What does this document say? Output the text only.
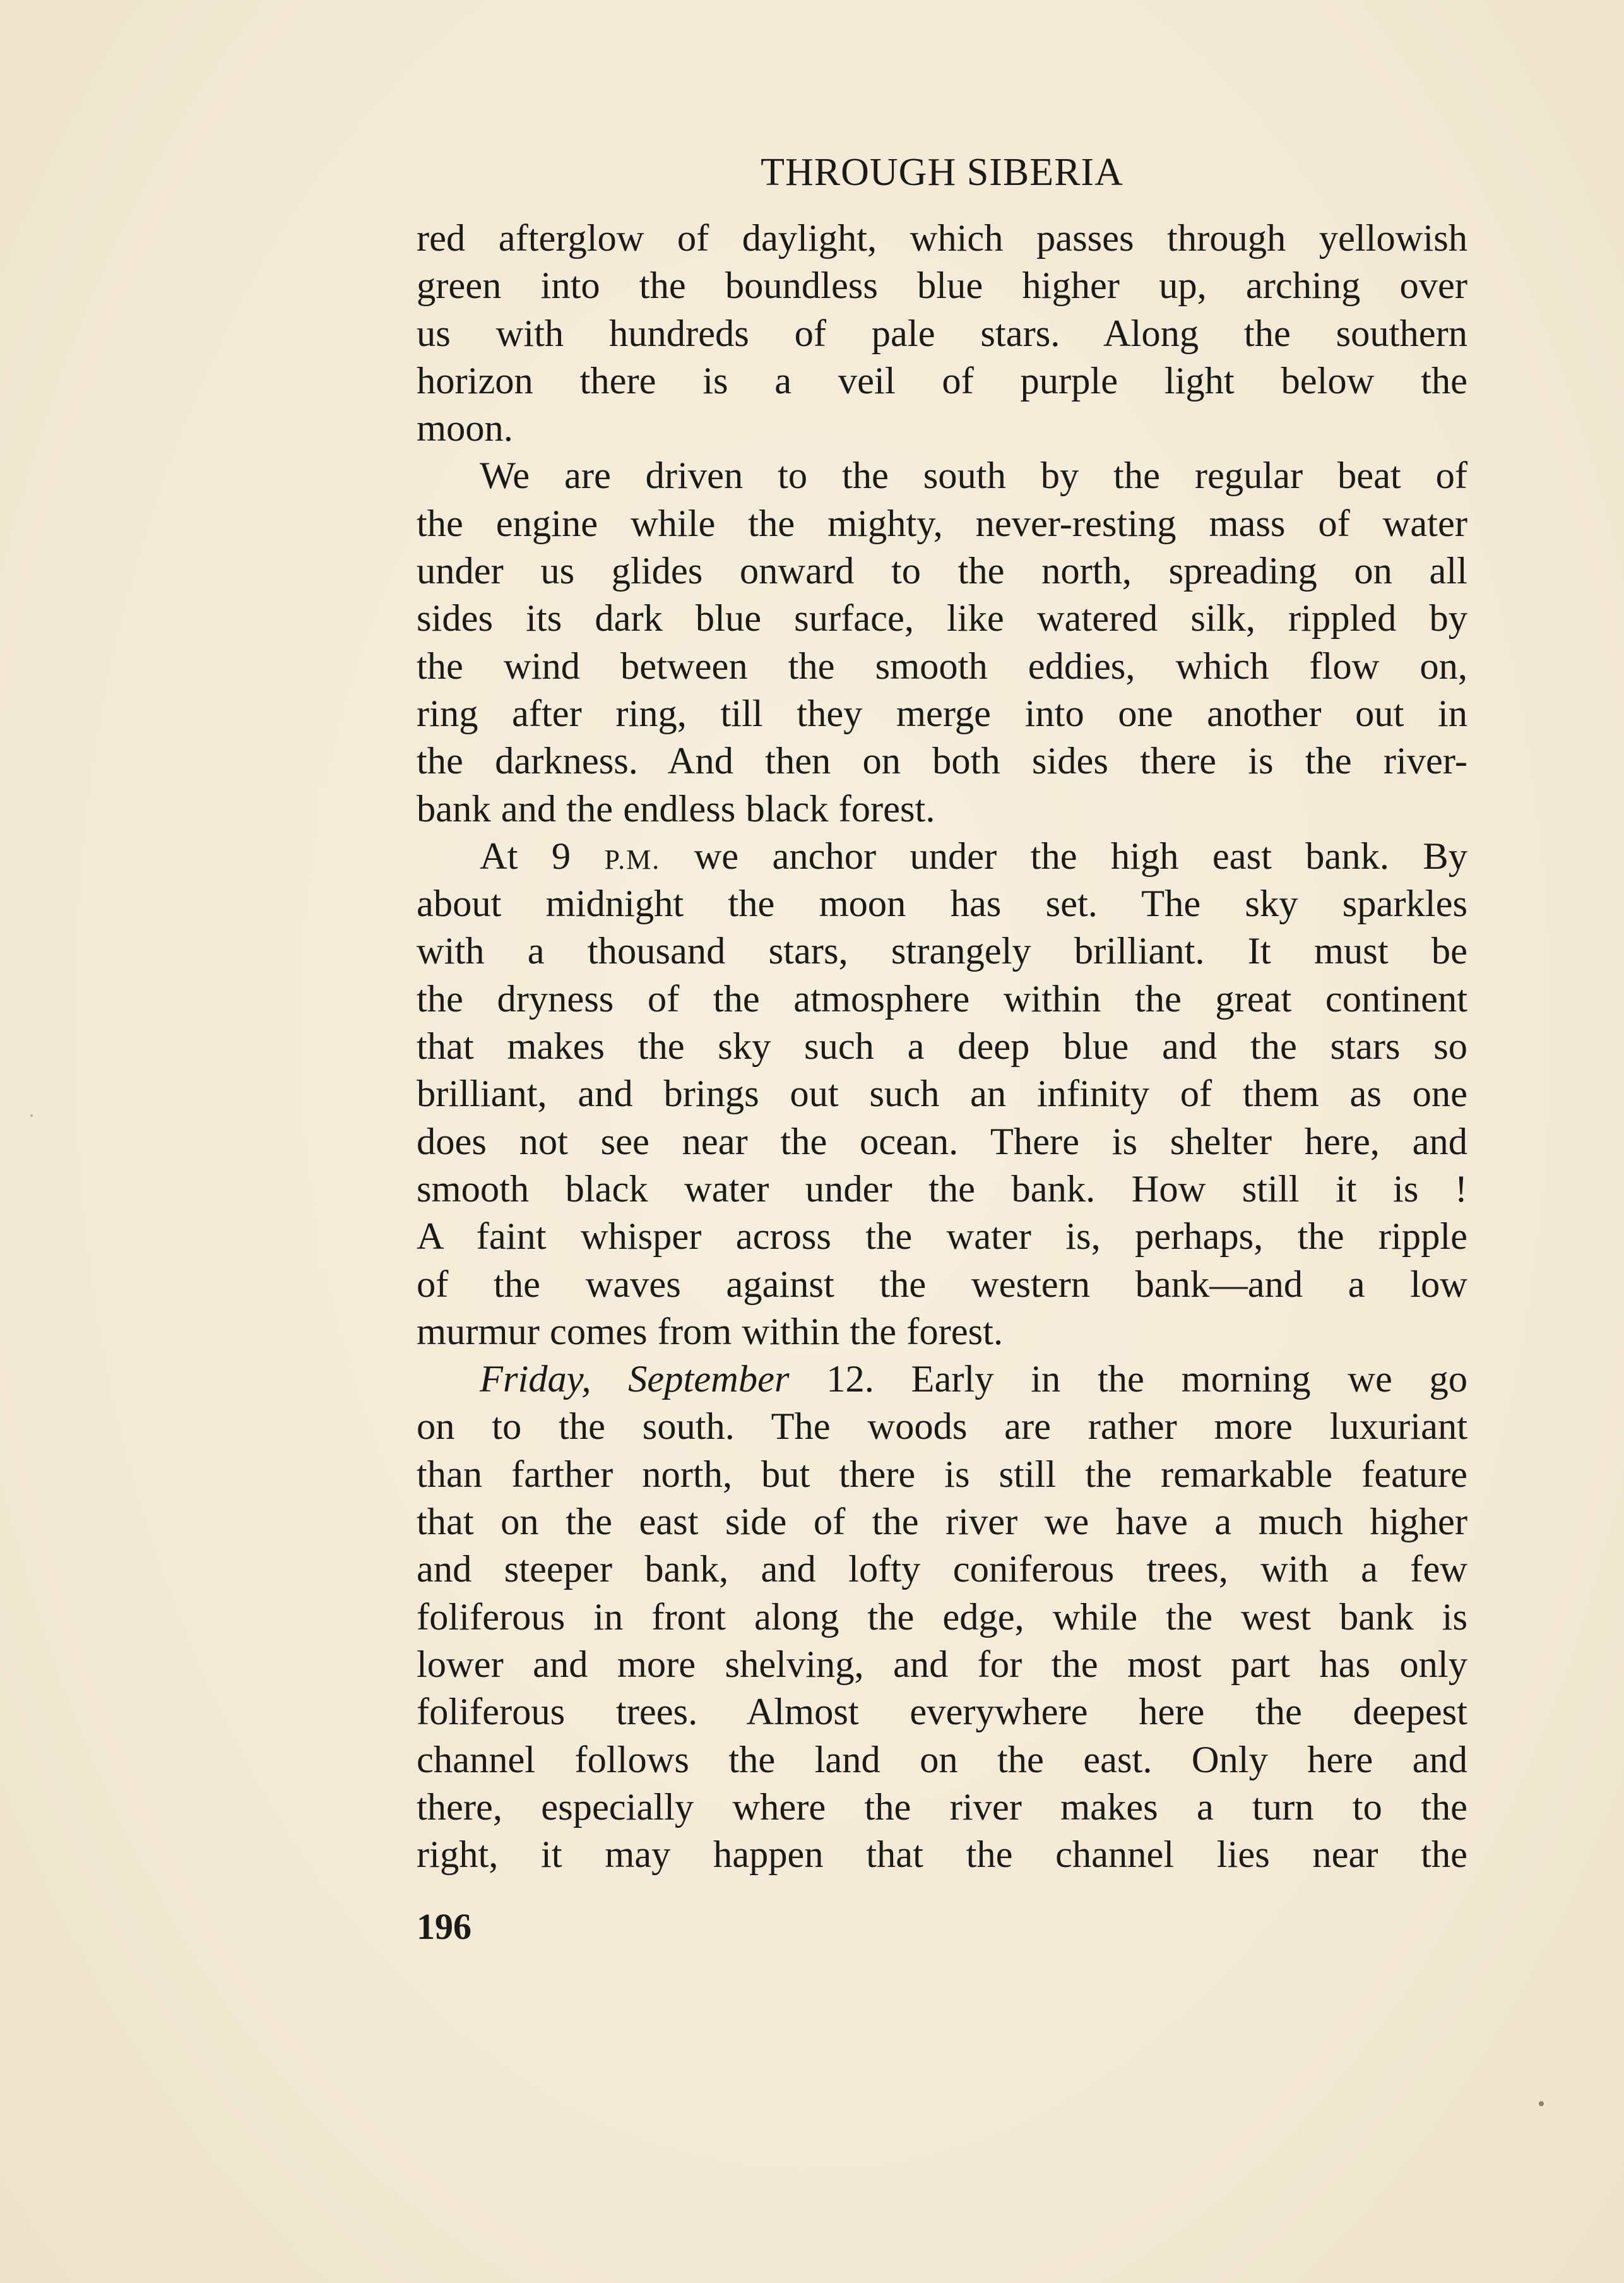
THROUGH SIBERIA
red afterglow of daylight, which passes through yellowish
green into the boundless blue higher up, arching over
us with hundreds of pale stars. Along the southern
horizon there is a veil of purple light below the
moon.
We are driven to the south by the regular beat of
the engine while the mighty, never-resting mass of water
under us glides onward to the north, spreading on all
sides its dark blue surface, like watered silk, rippled by
the wind between the smooth eddies, which flow on,
ring after ring, till they merge into one another out in
the darkness. And then on both sides there is the river-
bank and the endless black forest.
At 9 P.M. we anchor under the high east bank. By
about midnight the moon has set. The sky sparkles
with a thousand stars, strangely brilliant. It must be
the dryness of the atmosphere within the great continent
that makes the sky such a deep blue and the stars so
brilliant, and brings out such an infinity of them as one
does not see near the ocean. There is shelter here, and
smooth black water under the bank. How still it is !
A faint whisper across the water is, perhaps, the ripple
of the waves against the western bank—and a low
murmur comes from within the forest.
Friday, September 12. Early in the morning we go
on to the south. The woods are rather more luxuriant
than farther north, but there is still the remarkable feature
that on the east side of the river we have a much higher
and steeper bank, and lofty coniferous trees, with a few
foliferous in front along the edge, while the west bank is
lower and more shelving, and for the most part has only
foliferous trees. Almost everywhere here the deepest
channel follows the land on the east. Only here and
there, especially where the river makes a turn to the
right, it may happen that the channel lies near the
196
